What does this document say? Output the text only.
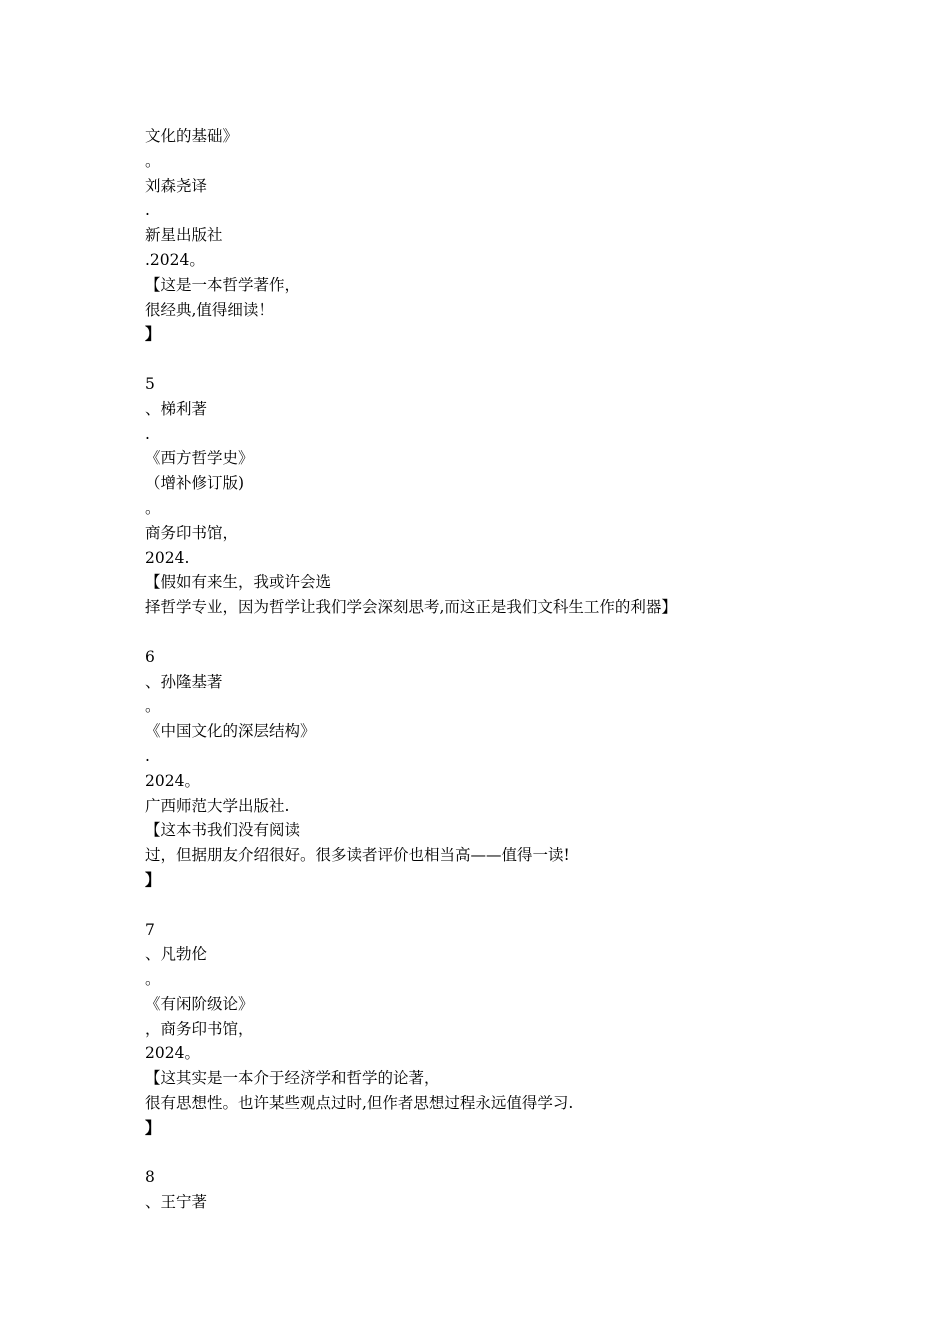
文化的基础》
。
刘森尧译
.
新星出版社
.2024。
【这是一本哲学著作，
很经典,值得细读！
】
5
、梯利著
.
《西方哲学史》
（增补修订版)
。
商务印书馆，
2024.
【假如有来生，我或许会选
择哲学专业，因为哲学让我们学会深刻思考,而这正是我们文科生工作的利器】
6
、孙隆基著
。
《中国文化的深层结构》
.
2024。
广西师范大学出版社.
【这本书我们没有阅读
过，但据朋友介绍很好。很多读者评价也相当高——值得一读!
】
7
、凡勃伦
。
《有闲阶级论》
，商务印书馆，
2024。
【这其实是一本介于经济学和哲学的论著，
很有思想性。也许某些观点过时,但作者思想过程永远值得学习.
】
8
、王宁著
